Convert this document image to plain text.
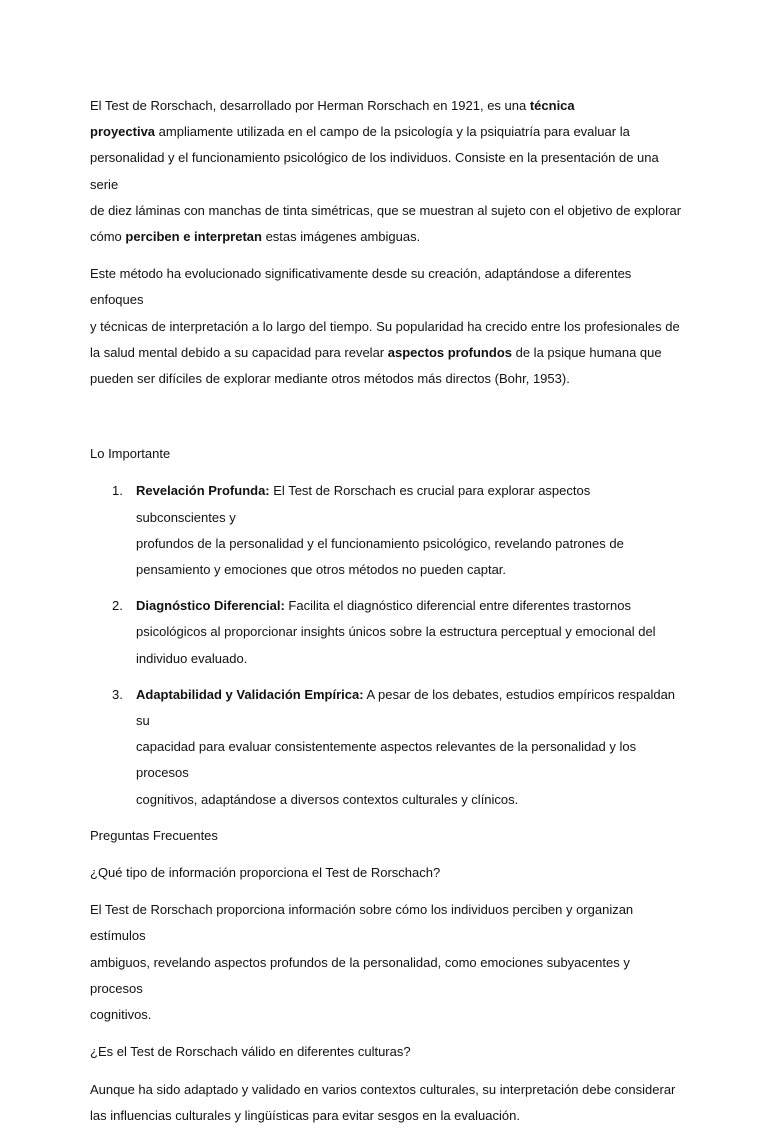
El Test de Rorschach, desarrollado por Herman Rorschach en 1921, es una técnica
proyectiva ampliamente utilizada en el campo de la psicología y la psiquiatría para evaluar la
personalidad y el funcionamiento psicológico de los individuos. Consiste en la presentación de una serie
de diez láminas con manchas de tinta simétricas, que se muestran al sujeto con el objetivo de explorar
cómo perciben e interpretan estas imágenes ambiguas.

Este método ha evolucionado significativamente desde su creación, adaptándose a diferentes enfoques
y técnicas de interpretación a lo largo del tiempo. Su popularidad ha crecido entre los profesionales de
la salud mental debido a su capacidad para revelar aspectos profundos de la psique humana que
pueden ser difíciles de explorar mediante otros métodos más directos (Bohr, 1953).

Lo Importante

1. Revelación Profunda: El Test de Rorschach es crucial para explorar aspectos subconscientes y
profundos de la personalidad y el funcionamiento psicológico, revelando patrones de
pensamiento y emociones que otros métodos no pueden captar.
2. Diagnóstico Diferencial: Facilita el diagnóstico diferencial entre diferentes trastornos
psicológicos al proporcionar insights únicos sobre la estructura perceptual y emocional del
individuo evaluado.
3. Adaptabilidad y Validación Empírica: A pesar de los debates, estudios empíricos respaldan su
capacidad para evaluar consistentemente aspectos relevantes de la personalidad y los procesos
cognitivos, adaptándose a diversos contextos culturales y clínicos.

Preguntas Frecuentes

¿Qué tipo de información proporciona el Test de Rorschach?

El Test de Rorschach proporciona información sobre cómo los individuos perciben y organizan estímulos
ambiguos, revelando aspectos profundos de la personalidad, como emociones subyacentes y procesos
cognitivos.

¿Es el Test de Rorschach válido en diferentes culturas?

Aunque ha sido adaptado y validado en varios contextos culturales, su interpretación debe considerar
las influencias culturales y lingüísticas para evitar sesgos en la evaluación.
